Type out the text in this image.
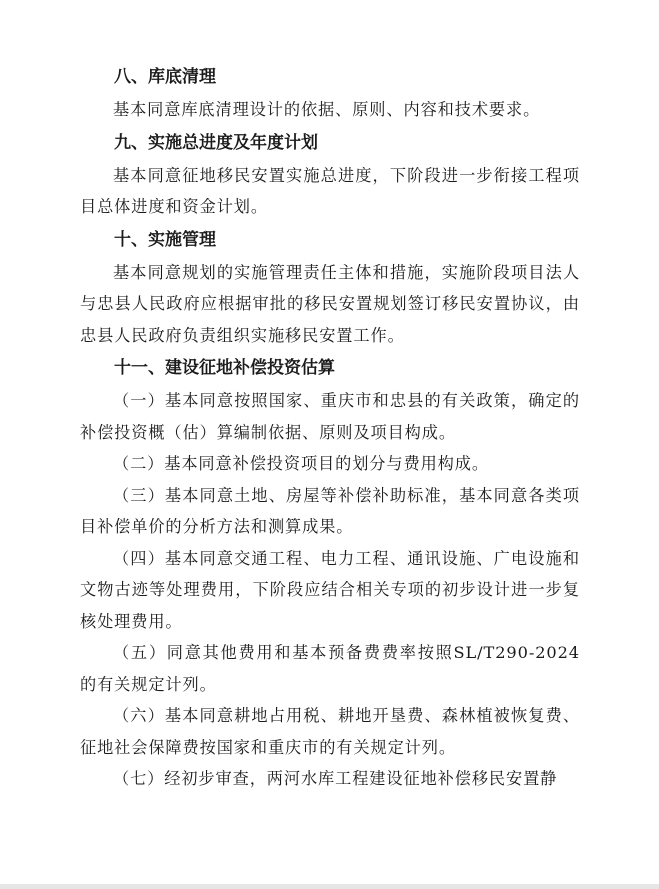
八、库底清理

基本同意库底清理设计的依据、原则、内容和技术要求。

九、实施总进度及年度计划

基本同意征地移民安置实施总进度，下阶段进一步衔接工程项目总体进度和资金计划。

十、实施管理

基本同意规划的实施管理责任主体和措施，实施阶段项目法人与忠县人民政府应根据审批的移民安置规划签订移民安置协议，由忠县人民政府负责组织实施移民安置工作。

十一、建设征地补偿投资估算

（一）基本同意按照国家、重庆市和忠县的有关政策，确定的补偿投资概（估）算编制依据、原则及项目构成。

（二）基本同意补偿投资项目的划分与费用构成。

（三）基本同意土地、房屋等补偿补助标准，基本同意各类项目补偿单价的分析方法和测算成果。

（四）基本同意交通工程、电力工程、通讯设施、广电设施和文物古迹等处理费用，下阶段应结合相关专项的初步设计进一步复核处理费用。

（五）同意其他费用和基本预备费费率按照SL/T290-2024的有关规定计列。

（六）基本同意耕地占用税、耕地开垦费、森林植被恢复费、征地社会保障费按国家和重庆市的有关规定计列。

（七）经初步审查，两河水库工程建设征地补偿移民安置静
